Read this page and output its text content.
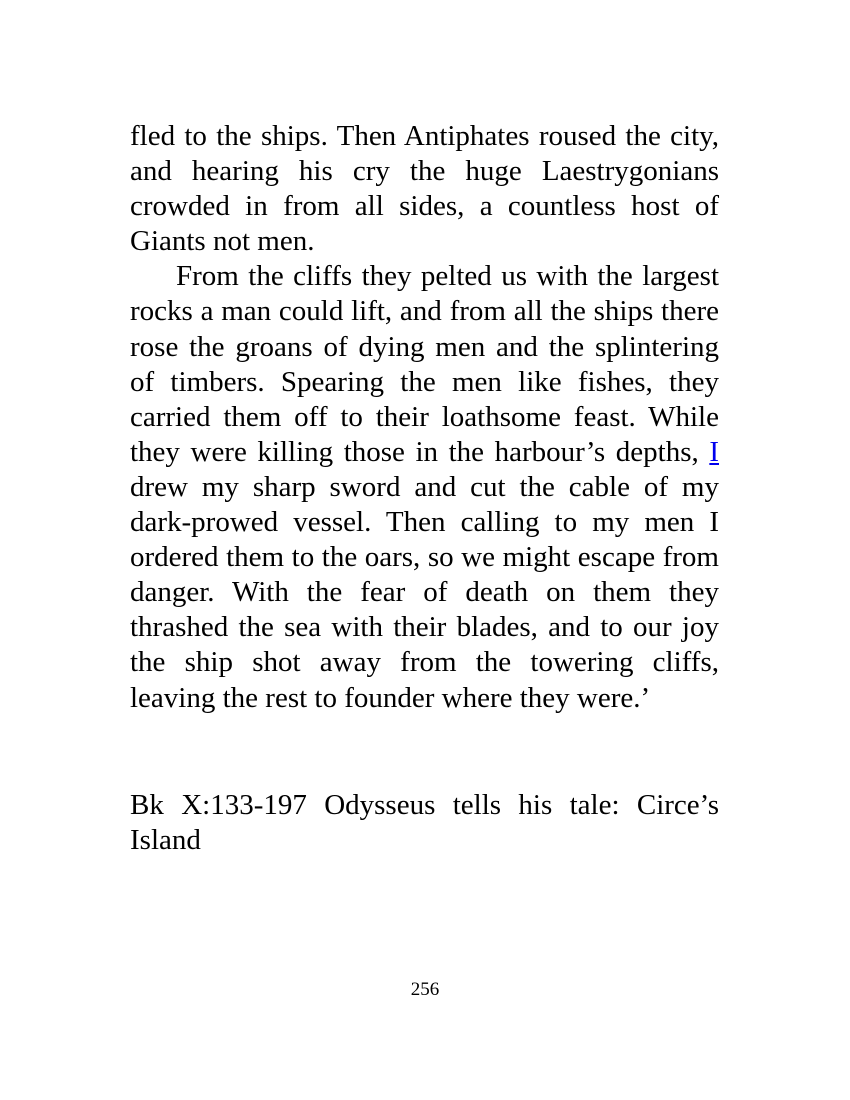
fled to the ships. Then Antiphates roused the city, and hearing his cry the huge Laestrygonians crowded in from all sides, a countless host of Giants not men.

From the cliffs they pelted us with the largest rocks a man could lift, and from all the ships there rose the groans of dying men and the splintering of timbers. Spearing the men like fishes, they carried them off to their loathsome feast. While they were killing those in the harbour’s depths, I drew my sharp sword and cut the cable of my dark-prowed vessel. Then calling to my men I ordered them to the oars, so we might escape from danger. With the fear of death on them they thrashed the sea with their blades, and to our joy the ship shot away from the towering cliffs, leaving the rest to founder where they were.’

Bk X:133-197 Odysseus tells his tale: Circe’s Island
256
